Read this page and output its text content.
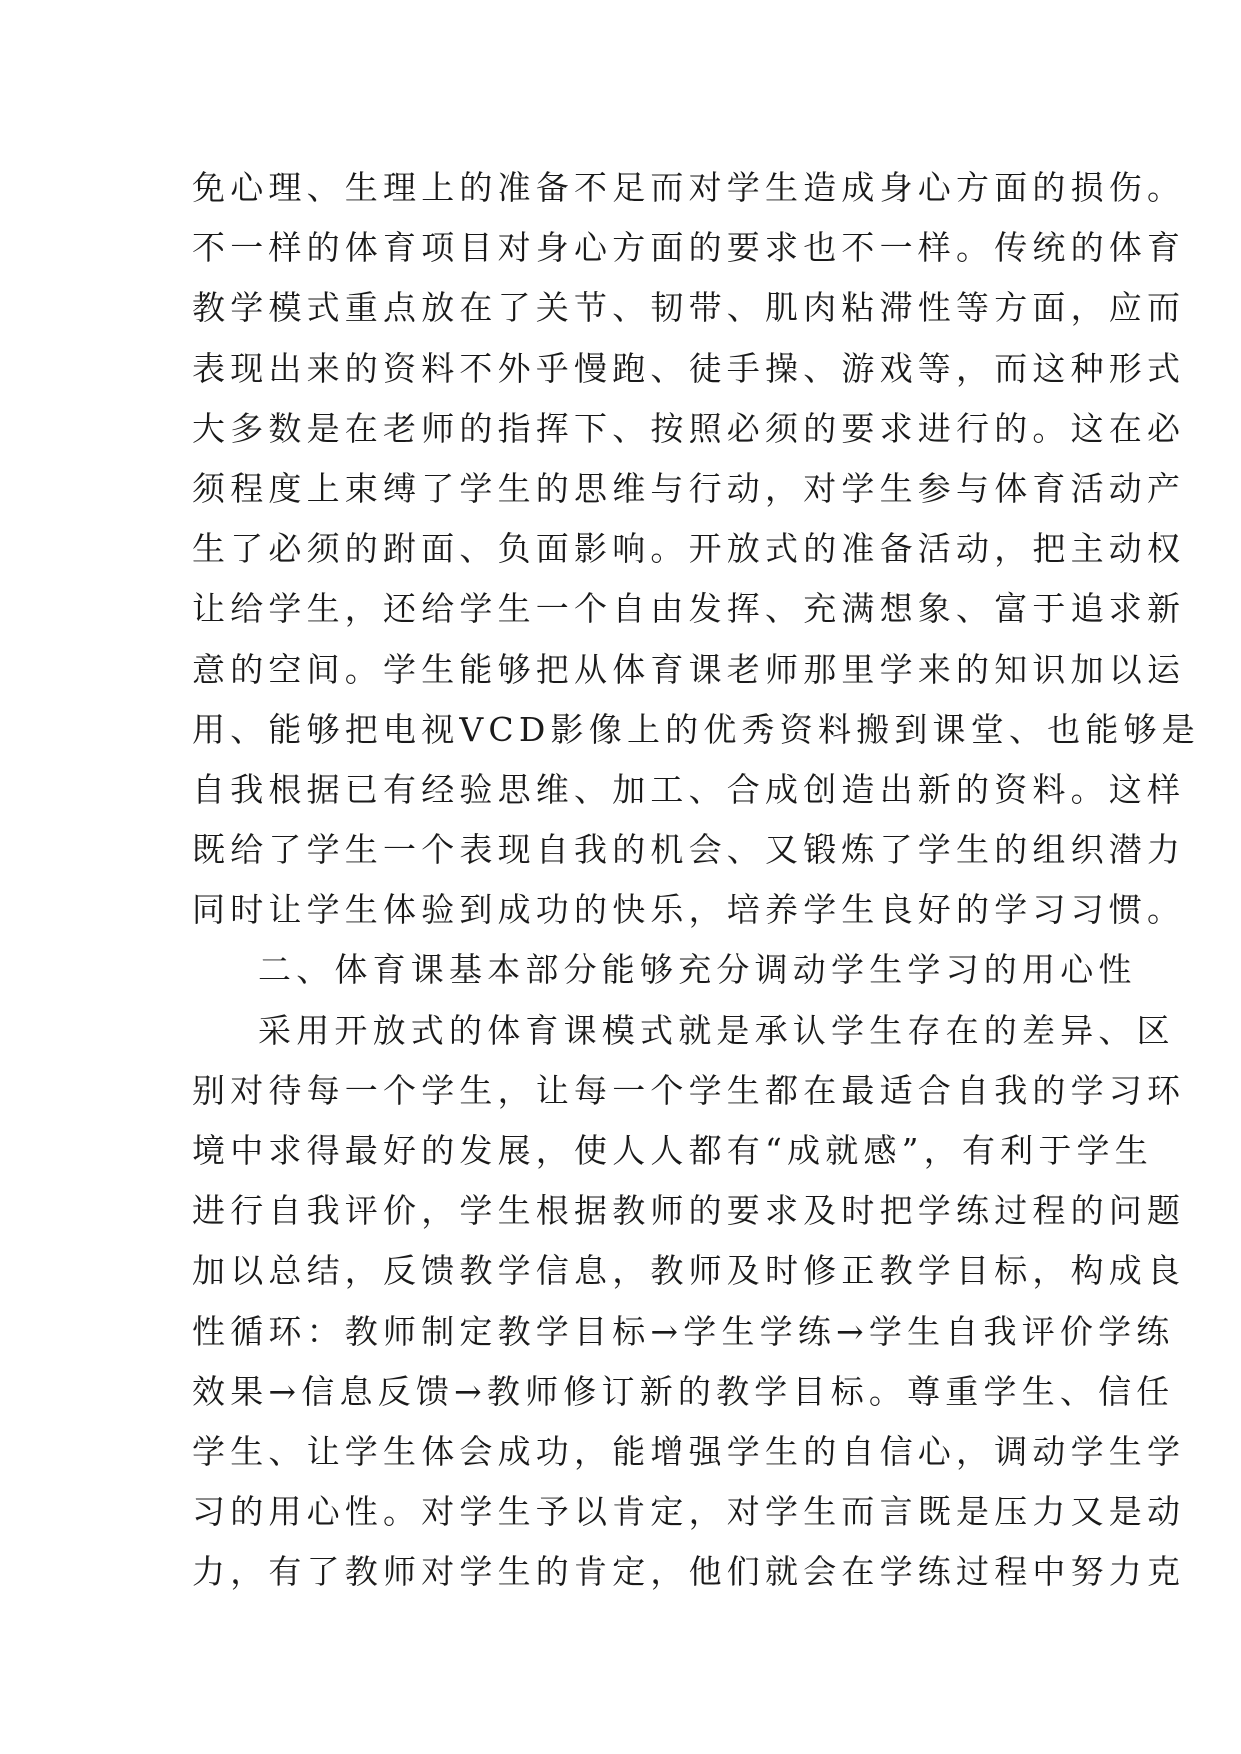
免心理、生理上的准备不足而对学生造成身心方面的损伤。
不一样的体育项目对身心方面的要求也不一样。传统的体育
教学模式重点放在了关节、韧带、肌肉粘滞性等方面，应而
表现出来的资料不外乎慢跑、徒手操、游戏等，而这种形式
大多数是在老师的指挥下、按照必须的要求进行的。这在必
须程度上束缚了学生的思维与行动，对学生参与体育活动产
生了必须的跗面、负面影响。开放式的准备活动，把主动权
让给学生，还给学生一个自由发挥、充满想象、富于追求新
意的空间。学生能够把从体育课老师那里学来的知识加以运
用、能够把电视VCD影像上的优秀资料搬到课堂、也能够是
自我根据已有经验思维、加工、合成创造出新的资料。这样
既给了学生一个表现自我的机会、又锻炼了学生的组织潜力
同时让学生体验到成功的快乐，培养学生良好的学习习惯。
二、体育课基本部分能够充分调动学生学习的用心性
采用开放式的体育课模式就是承认学生存在的差异、区
别对待每一个学生，让每一个学生都在最适合自我的学习环
境中求得最好的发展，使人人都有“成就感”，有利于学生
进行自我评价，学生根据教师的要求及时把学练过程的问题
加以总结，反馈教学信息，教师及时修正教学目标，构成良
性循环：教师制定教学目标→学生学练→学生自我评价学练
效果→信息反馈→教师修订新的教学目标。尊重学生、信任
学生、让学生体会成功，能增强学生的自信心，调动学生学
习的用心性。对学生予以肯定，对学生而言既是压力又是动
力，有了教师对学生的肯定，他们就会在学练过程中努力克
